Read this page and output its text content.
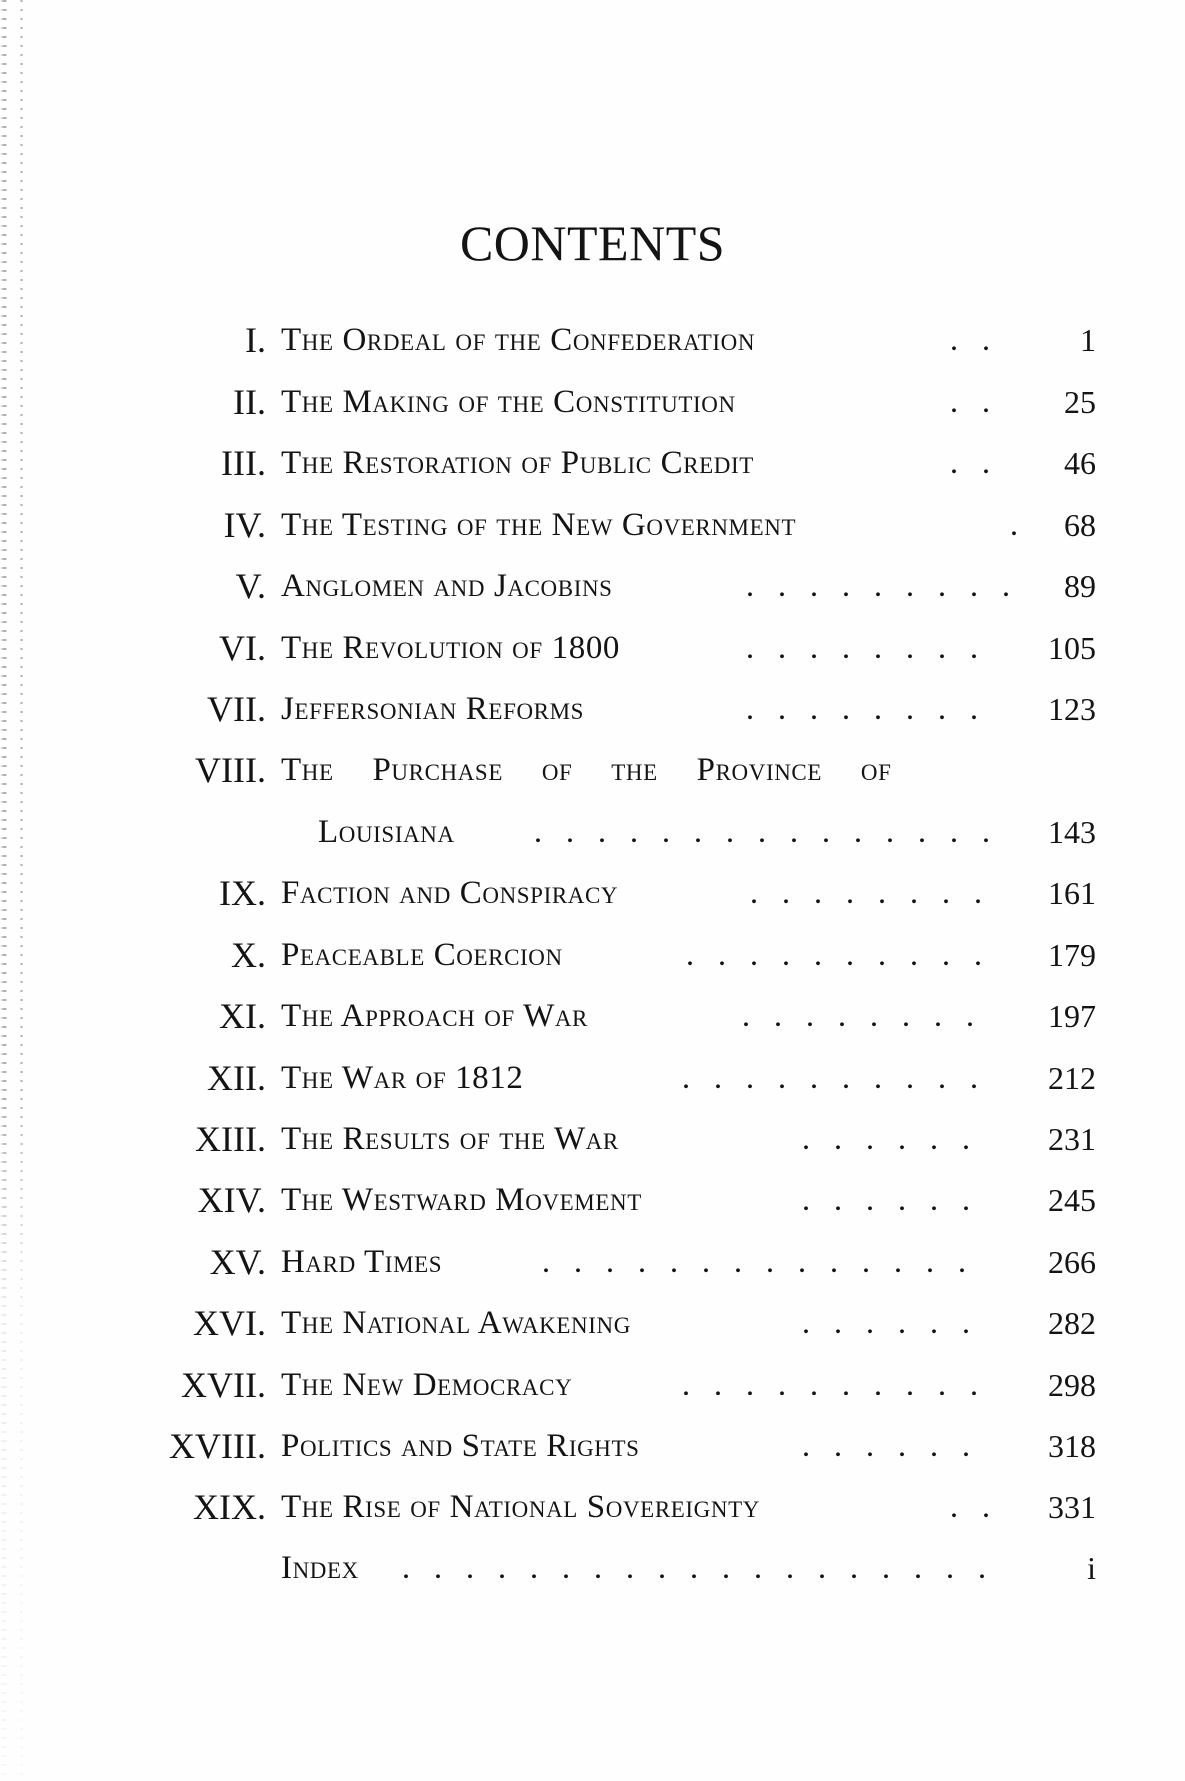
CONTENTS
I. The Ordeal of the Confederation	. .	1
II. The Making of the Constitution	. .	25
III. The Restoration of Public Credit	. .	46
IV. The Testing of the New Government	.	68
V. Anglomen and Jacobins	. . . . . . . . .	89
VI. The Revolution of 1800	. . . . . . . .	105
VII. Jeffersonian Reforms	. . . . . . . .	123
VIII. The Purchase of the Province of
Louisiana	. . . . . . . . . . . . . . .	143
IX. Faction and Conspiracy	. . . . . . . .	161
X. Peaceable Coercion	. . . . . . . . . .	179
XI. The Approach of War	. . . . . . . .	197
XII. The War of 1812	. . . . . . . . . .	212
XIII. The Results of the War	. . . . . .	231
XIV. The Westward Movement	. . . . . .	245
XV. Hard Times	. . . . . . . . . . . . . .	266
XVI. The National Awakening	. . . . . .	282
XVII. The New Democracy	. . . . . . . . . .	298
XVIII. Politics and State Rights	. . . . . .	318
XIX. The Rise of National Sovereignty	. .	331
Index	. . . . . . . . . . . . . . . . . . .	i
